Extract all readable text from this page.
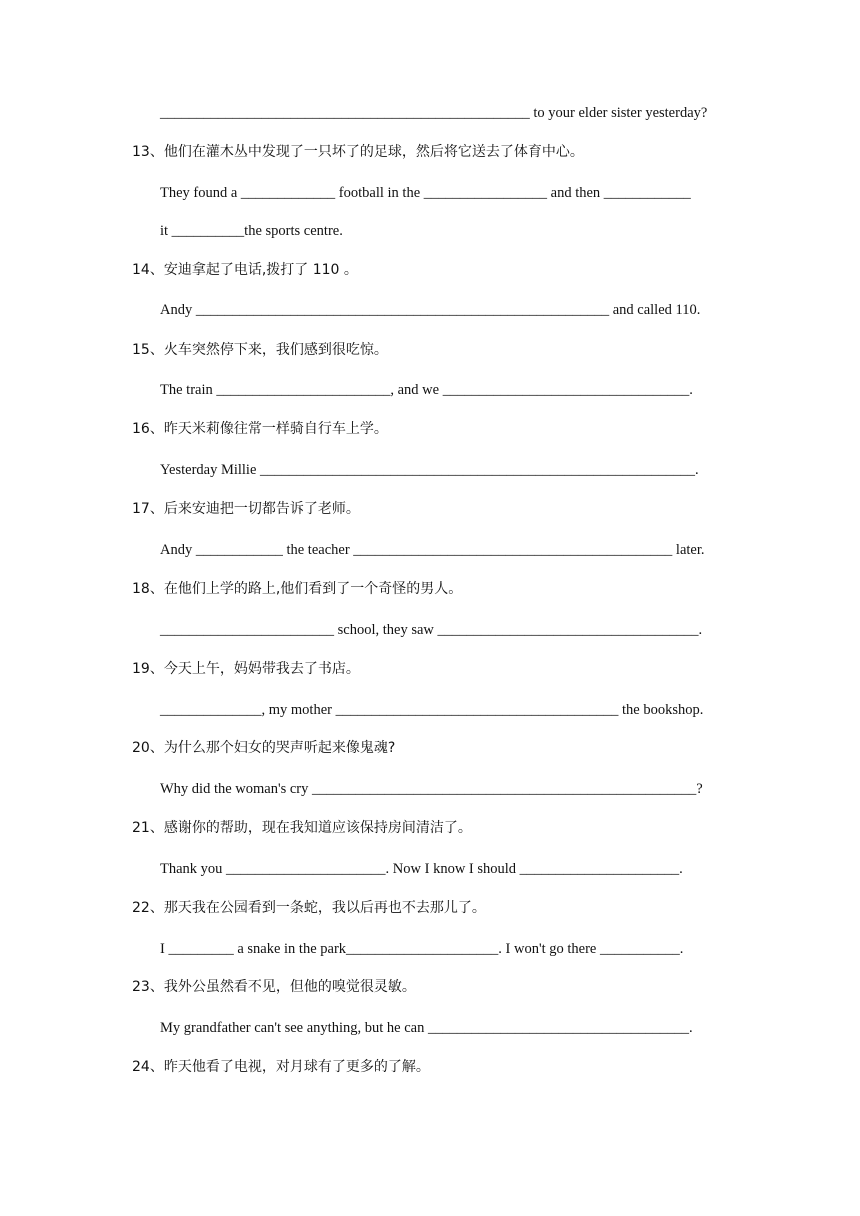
___________________________________________________ to your elder sister yesterday?
13、他们在灌木丛中发现了一只坏了的足球，然后将它送去了体育中心。
They found a _____________ football in the _________________ and then ____________
it __________the sports centre.
14、安迪拿起了电话,拨打了 110 。
Andy _________________________________________________________ and called 110.
15、火车突然停下来，我们感到很吃惊。
The train ________________________, and we __________________________________.
16、昨天米莉像往常一样骑自行车上学。
Yesterday Millie ____________________________________________________________.
17、后来安迪把一切都告诉了老师。
Andy ____________ the teacher ____________________________________________ later.
18、在他们上学的路上,他们看到了一个奇怪的男人。
________________________ school, they saw ____________________________________.
19、今天上午，妈妈带我去了书店。
______________, my mother _______________________________________ the bookshop.
20、为什么那个妇女的哭声听起来像鬼魂?
Why did the woman's cry _____________________________________________________?
21、感谢你的帮助，现在我知道应该保持房间清洁了。
Thank you ______________________. Now I know I should ______________________.
22、那天我在公园看到一条蛇，我以后再也不去那儿了。
I _________ a snake in the park_____________________. I won't go there ___________.
23、我外公虽然看不见，但他的嗅觉很灵敏。
My grandfather can't see anything, but he can ____________________________________.
24、昨天他看了电视，对月球有了更多的了解。
